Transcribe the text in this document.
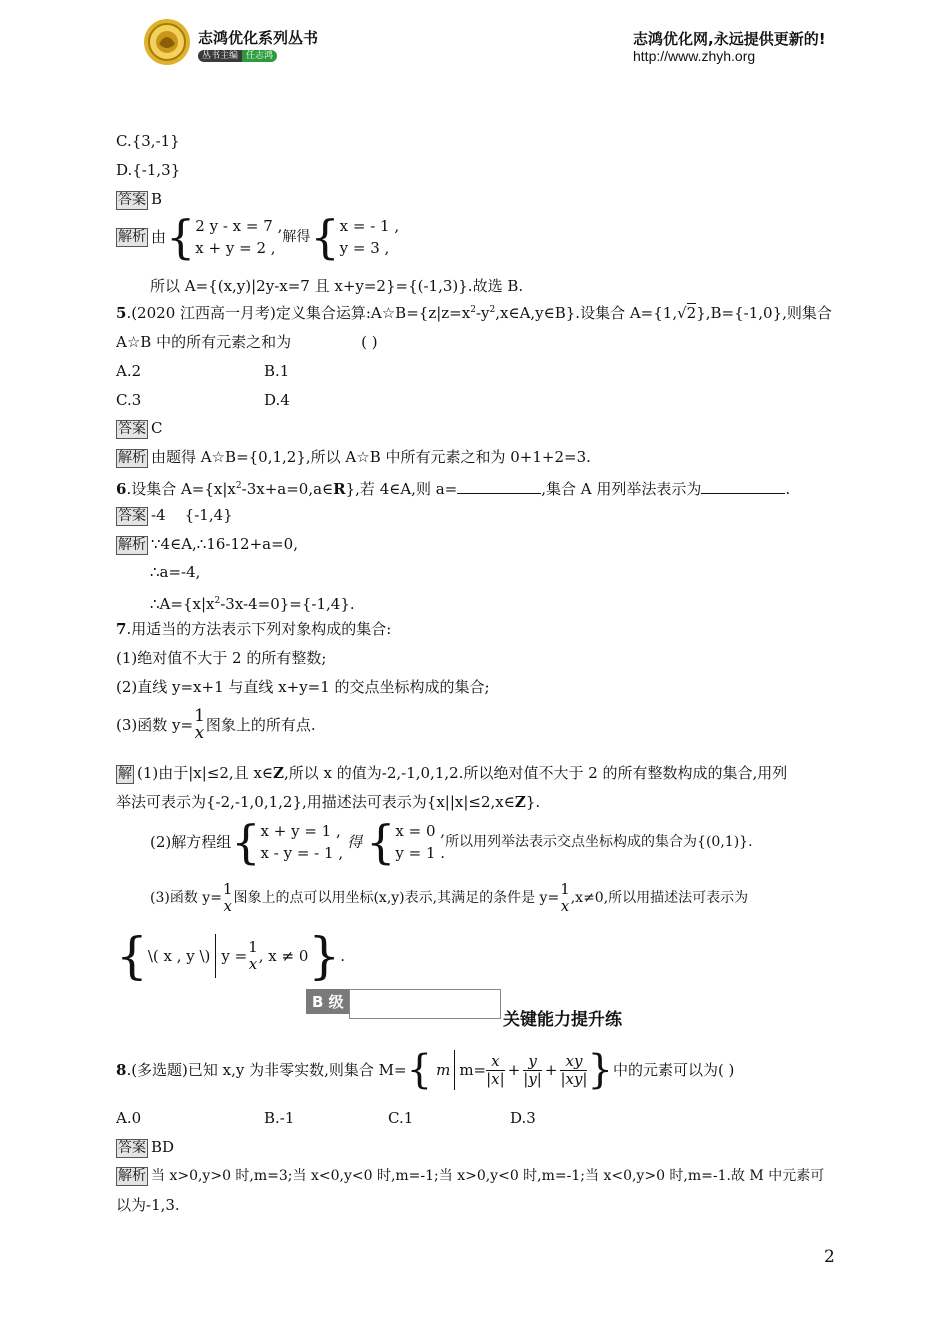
志鸿优化系列丛书
丛书主编 任志鸿
志鸿优化网,永远提供更新的!
http://www.zhyh.org
C.{3,-1}
D.{-1,3}
答案 B
解析 由{2 y - x = 7 ,
x + y = 2 ,解得{x = - 1 ,
y = 3 ,
所以 A={(x,y)|2y-x=7 且 x+y=2}={(-1,3)}.故选 B.
5.(2020 江西高一月考)定义集合运算$:A☆B=\{z|z=x^2-y^2,x\in A,y\in B\}$.设集合 A={1,√2},B={-1,0},则集合
A☆B 中的所有元素之和为	( )
A.2	B.1
C.3	D.4
答案 C
解析 由题得 A☆B={0,1,2},所以 A☆B 中所有元素之和为 0+1+2=3.
6.设集合 $A=\{x|x^2-3x+a=0,a\in R\}$,若 4∈A,则 a=	,集合 A 用列举法表示为	.
答案 -4    {-1,4}
解析 ∵4∈A,∴16-12+a=0,
∴a=-4,
$\therefore A=\{x|x^2-3x-4=0\}=\{-1,4\}$.
7.用适当的方法表示下列对象构成的集合:
(1)绝对值不大于 2 的所有整数;
(2)直线 y=x+1 与直线 x+y=1 的交点坐标构成的集合;
(3)函数 y= 1
x 图象上的所有点.
解 (1)由于|x|≤2,且 x∈Z,所以 x 的值为-2,-1,0,1,2.所以绝对值不大于 2 的所有整数构成的集合,用列
举法可表示为{-2,-1,0,1,2},用描述法可表示为{x||x|≤2,x∈Z}.
(2)解方程组{x + y = 1 ,
x - y = - 1 ,得{x = 0 ,
y = 1 .所以用列举法表示交点坐标构成的集合为{(0,1)}.
(3)函数 y= 1
x 图象上的点可以用坐标(x,y)表示,其满足的条件是 y= 1
x ,x≠0,所以用描述法可表示为
{\( x , y \) y = 1
x , x ≠ 0}.
B 级
关键能力提升练
8.(多选题)已知 x,y 为非零实数,则集合 M={ m $m= \frac{x}{|x|} + \frac{y}{|y|} + \frac{xy}{|xy|}$ }中的元素可以为( )
A.0	B.-1	C.1	D.3
答案 BD
解析 当 x>0,y>0 时,m=3;当 x<0,y<0 时,m=-1;当 x>0,y<0 时,m=-1;当 x<0,y>0 时,m=-1.故 M 中元素可
以为-1,3.
2
